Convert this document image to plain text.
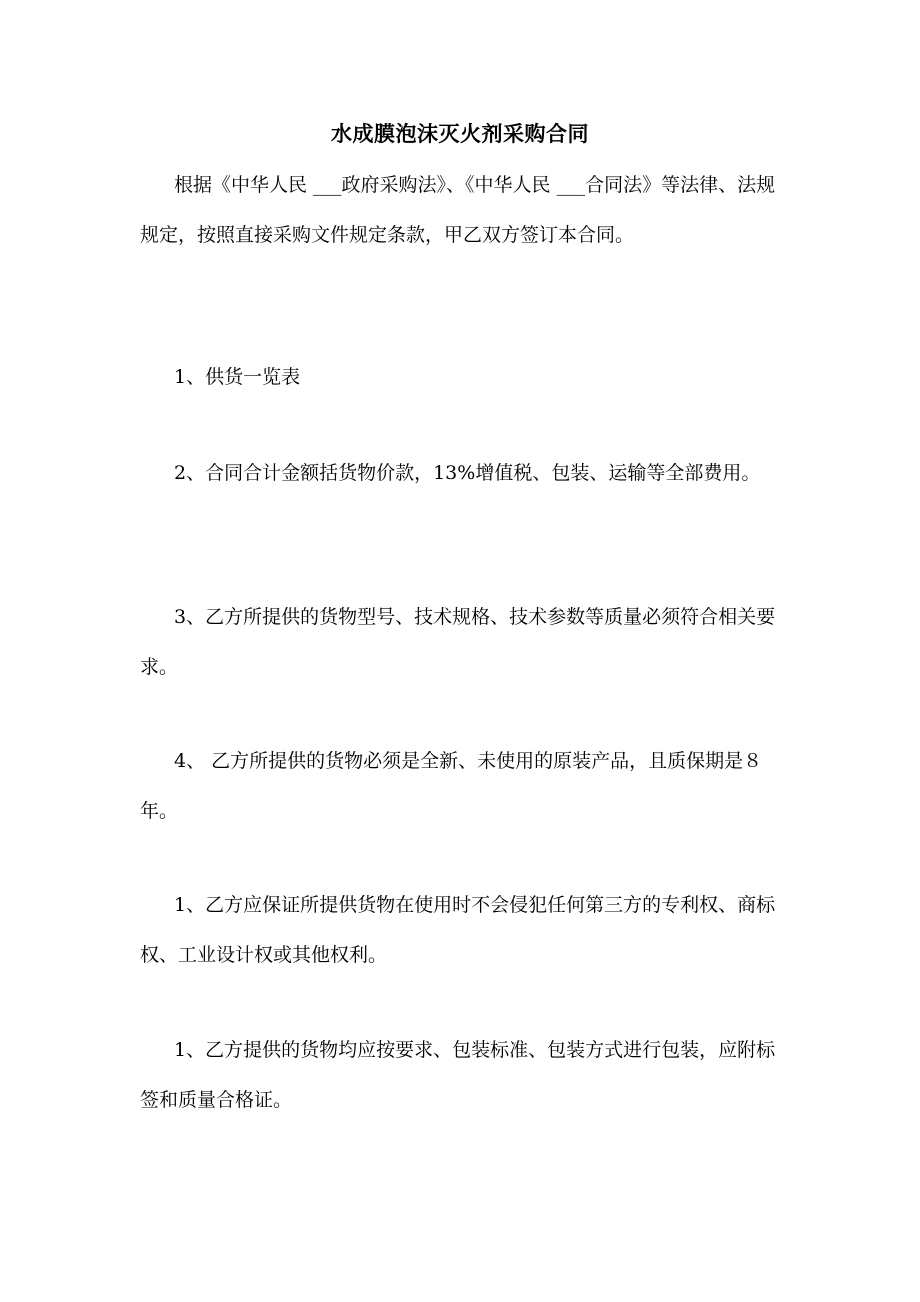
水成膜泡沫灭火剂采购合同

根据《中华人民 ___政府采购法》、《中华人民 ___合同法》等法律、法规规定，按照直接采购文件规定条款，甲乙双方签订本合同。

1、供货一览表

2、合同合计金额括货物价款，13%增值税、包装、运输等全部费用。

3、乙方所提供的货物型号、技术规格、技术参数等质量必须符合相关要求。

4、 乙方所提供的货物必须是全新、未使用的原装产品，且质保期是８年。

1、乙方应保证所提供货物在使用时不会侵犯任何第三方的专利权、商标权、工业设计权或其他权利。

1、乙方提供的货物均应按要求、包装标准、包装方式进行包装，应附标签和质量合格证。
